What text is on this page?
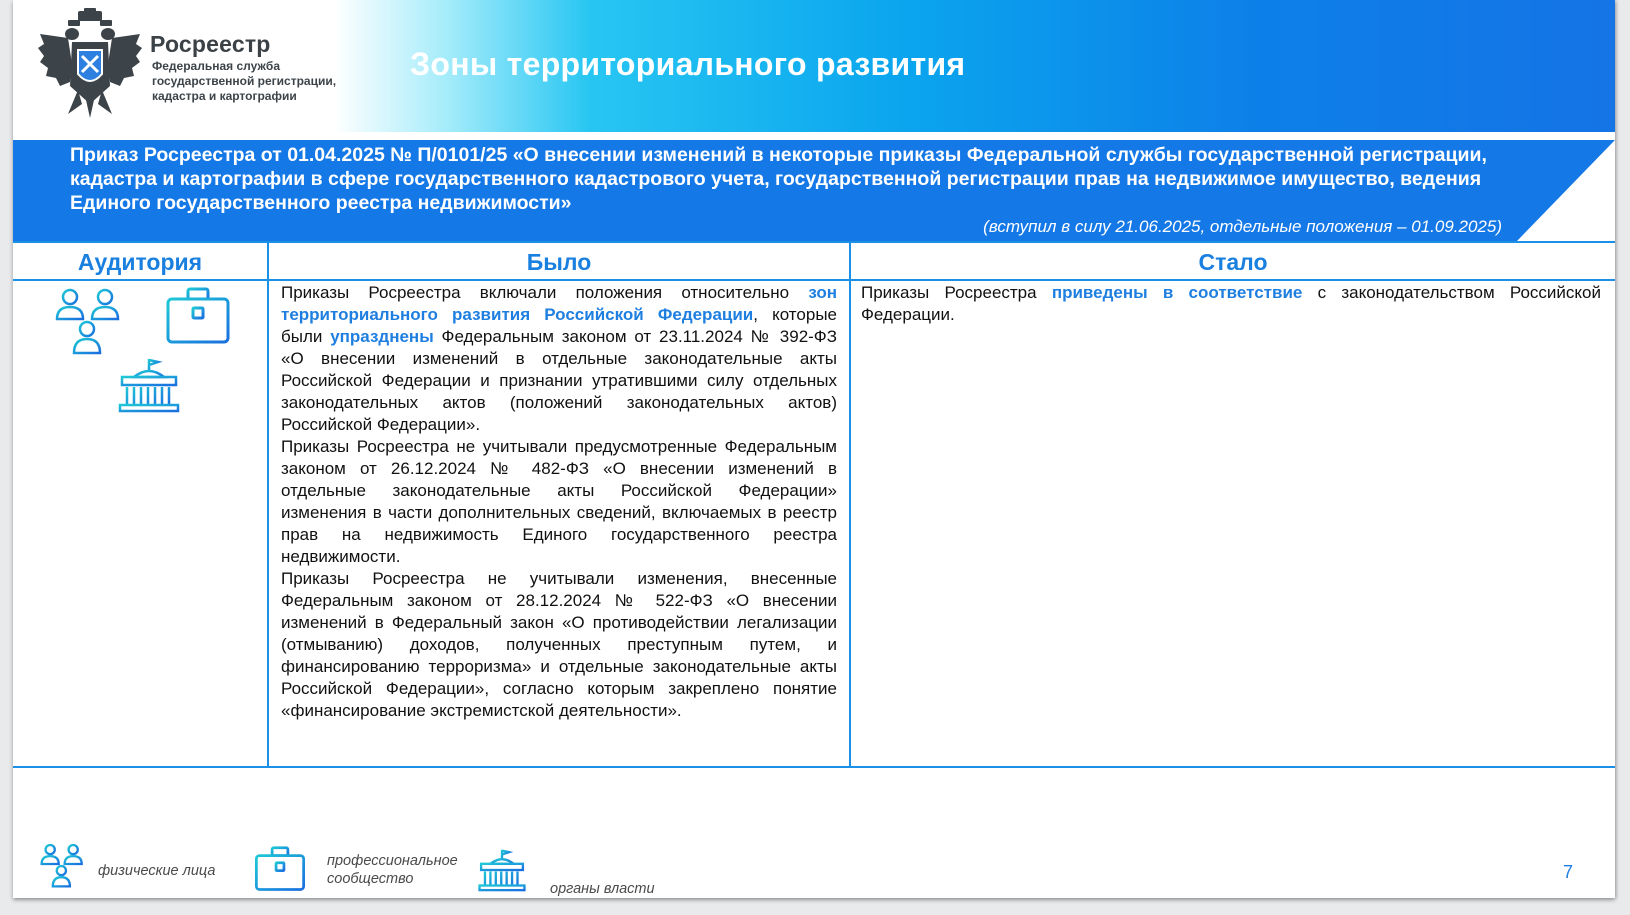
Росреестр
Федеральная служба государственной регистрации, кадастра и картографии
Зоны территориального развития
Приказ Росреестра от 01.04.2025 № П/0101/25 «О внесении изменений в некоторые приказы Федеральной службы государственной регистрации, кадастра и картографии в сфере государственного кадастрового учета, государственной регистрации прав на недвижимое имущество, ведения Единого государственного реестра недвижимости»
(вступил в силу 21.06.2025, отдельные положения – 01.09.2025)
Аудитория	Было	Стало
Приказы Росреестра включали положения относительно зон территориального развития Российской Федерации, которые были упразднены Федеральным законом от 23.11.2024 № 392-ФЗ «О внесении изменений в отдельные законодательные акты Российской Федерации и признании утратившими силу отдельных законодательных актов (положений законодательных актов) Российской Федерации».
Приказы Росреестра не учитывали предусмотренные Федеральным законом от 26.12.2024 № 482-ФЗ «О внесении изменений в отдельные законодательные акты Российской Федерации» изменения в части дополнительных сведений, включаемых в реестр прав на недвижимость Единого государственного реестра недвижимости.
Приказы Росреестра не учитывали изменения, внесенные Федеральным законом от 28.12.2024 № 522-ФЗ «О внесении изменений в Федеральный закон «О противодействии легализации (отмыванию) доходов, полученных преступным путем, и финансированию терроризма» и отдельные законодательные акты Российской Федерации», согласно которым закреплено понятие «финансирование экстремистской деятельности».
Приказы Росреестра приведены в соответствие с законодательством Российской Федерации.
физические лица
профессиональное сообщество
органы власти
7
